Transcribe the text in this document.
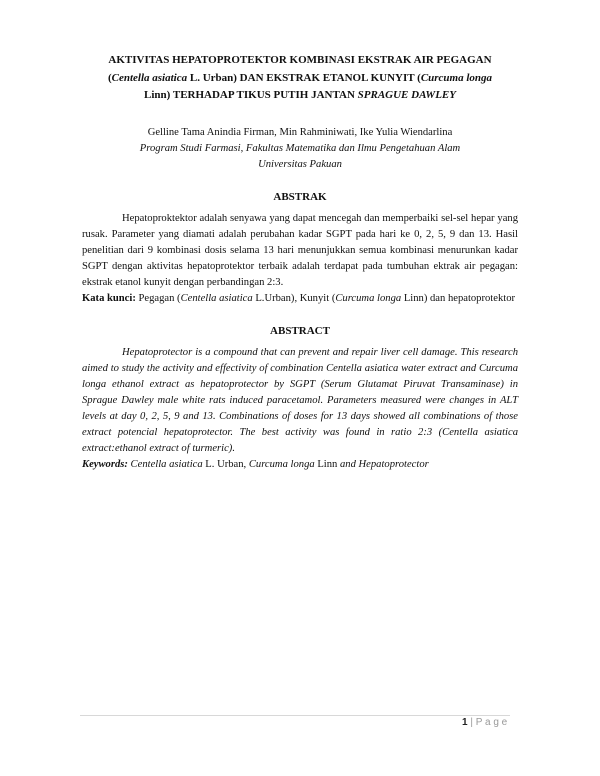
AKTIVITAS HEPATOPROTEKTOR KOMBINASI EKSTRAK AIR PEGAGAN
(Centella asiatica L. Urban) DAN EKSTRAK ETANOL KUNYIT (Curcuma longa
Linn) TERHADAP TIKUS PUTIH JANTAN SPRAGUE DAWLEY
Gelline Tama Anindia Firman, Min Rahminiwati, Ike Yulia Wiendarlina
Program Studi Farmasi, Fakultas Matematika dan Ilmu Pengetahuan Alam
Universitas Pakuan
ABSTRAK

Hepatoproktektor adalah senyawa yang dapat mencegah dan memperbaiki sel-sel hepar yang rusak. Parameter yang diamati adalah perubahan kadar SGPT pada hari ke 0, 2, 5, 9 dan 13. Hasil penelitian dari 9 kombinasi dosis selama 13 hari menunjukkan semua kombinasi menurunkan kadar SGPT dengan aktivitas hepatoprotektor terbaik adalah terdapat pada tumbuhan ektrak air pegagan: ekstrak etanol kunyit dengan perbandingan 2:3.

Kata kunci: Pegagan (Centella asiatica L.Urban), Kunyit (Curcuma longa Linn) dan hepatoprotektor

ABSTRACT

Hepatoprotector is a compound that can prevent and repair liver cell damage. This research aimed to study the activity and effectivity of combination Centella asiatica water extract and Curcuma longa ethanol extract as hepatoprotector by SGPT (Serum Glutamat Piruvat Transaminase) in Sprague Dawley male white rats induced paracetamol. Parameters measured were changes in ALT levels at day 0, 2, 5, 9 and 13. Combinations of doses for 13 days showed all combinations of those extract potencial hepatoprotector. The best activity was found in ratio 2:3 (Centella asiatica extract:ethanol extract of turmeric).

Keywords: Centella asiatica L. Urban, Curcuma longa Linn and Hepatoprotector

1 | P a g e
